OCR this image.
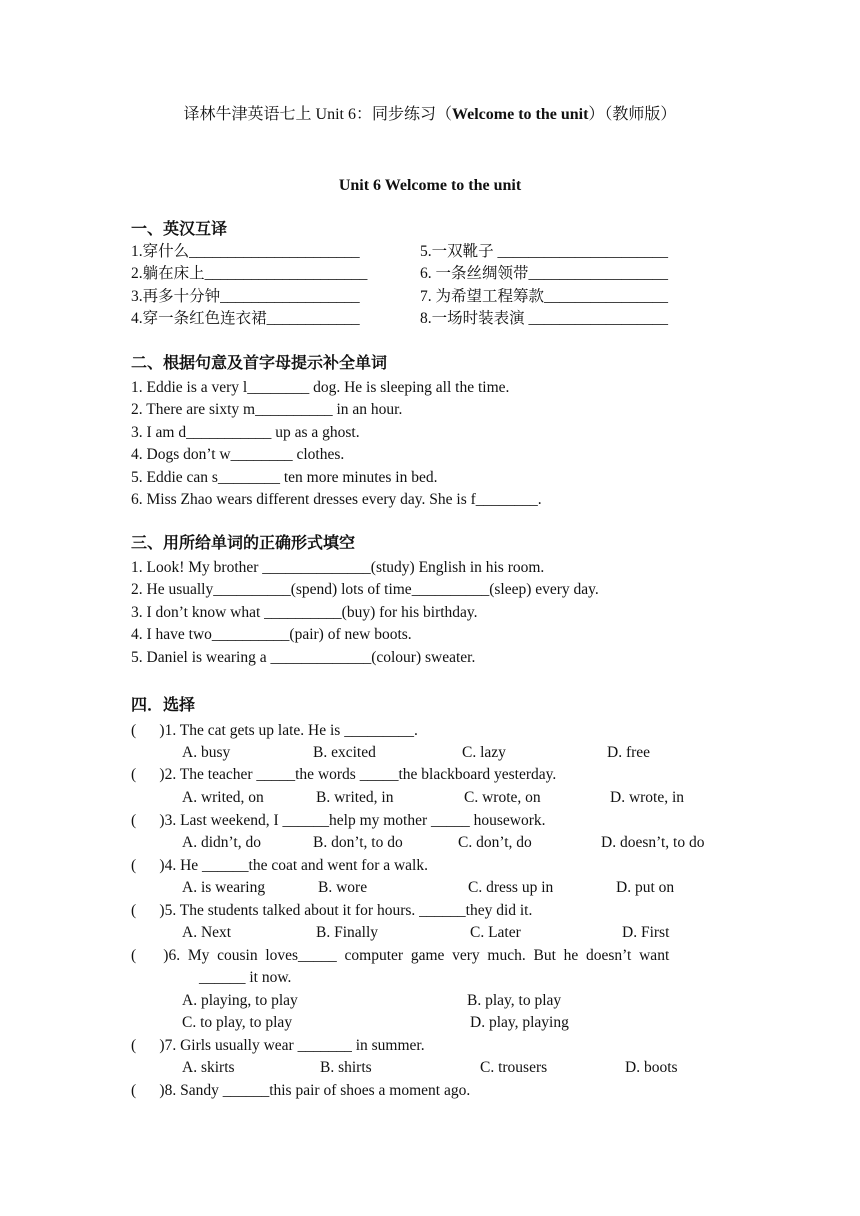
译林牛津英语七上 Unit 6：同步练习（Welcome to the unit）（教师版）
Unit 6 Welcome to the unit
一、英汉互译
1.穿什么______________________
2.躺在床上_____________________
3.再多十分钟__________________
4.穿一条红色连衣裙____________
5.一双靴子 ______________________
6. 一条丝绸领带__________________
7. 为希望工程筹款________________
8.一场时装表演 __________________
二、根据句意及首字母提示补全单词
1. Eddie is a very l________ dog. He is sleeping all the time.
2. There are sixty m__________ in an hour.
3. I am d___________ up as a ghost.
4. Dogs don’t w________ clothes.
5. Eddie can s________ ten more minutes in bed.
6. Miss Zhao wears different dresses every day. She is f________.
三、用所给单词的正确形式填空
1. Look! My brother ______________(study) English in his room.
2. He usually__________(spend) lots of time__________(sleep) every day.
3. I don’t know what __________(buy) for his birthday.
4. I have two__________(pair) of new boots.
5. Daniel is wearing a _____________(colour) sweater.
四．选择
(      )1. The cat gets up late. He is _________.
A. busy	B. excited	C. lazy	D. free
(      )2. The teacher _____the words _____the blackboard yesterday.
A. writed, on	B. writed, in	C. wrote, on	D. wrote, in
(      )3. Last weekend, I ______help my mother _____ housework.
A. didn’t, do	B. don’t, to do	C. don’t, do	D. doesn’t, to do
(      )4. He ______the coat and went for a walk.
A. is wearing	B. wore	C. dress up in	D. put on
(      )5. The students talked about it for hours. ______they did it.
A. Next	B. Finally	C. Later	D. First
(       )6.  My  cousin  loves_____  computer  game  very  much.  But  he  doesn’t  want
______ it now.
A. playing, to play	B. play, to play
C. to play, to play	D. play, playing
(      )7. Girls usually wear _______ in summer.
A. skirts	B. shirts	C. trousers	D. boots
(      )8. Sandy ______this pair of shoes a moment ago.
